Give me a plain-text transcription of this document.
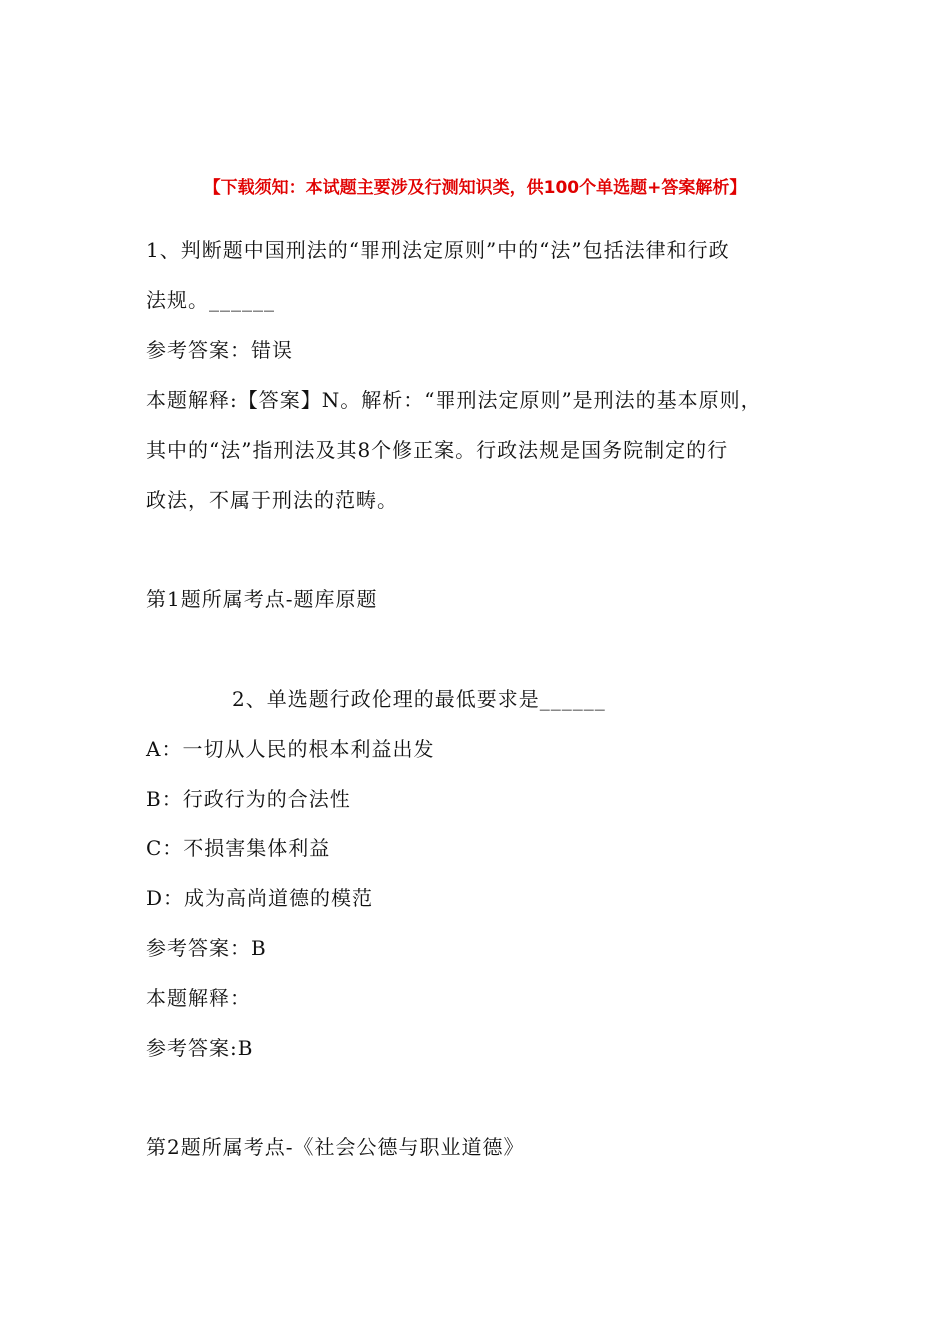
【下载须知：本试题主要涉及行测知识类，供100个单选题+答案解析】
1、判断题中国刑法的“罪刑法定原则”中的“法”包括法律和行政
法规。______
参考答案：错误
本题解释:【答案】N。解析：“罪刑法定原则”是刑法的基本原则，
其中的“法”指刑法及其8个修正案。行政法规是国务院制定的行
政法，不属于刑法的范畴。
第1题所属考点-题库原题
2、单选题行政伦理的最低要求是______
A：一切从人民的根本利益出发
B：行政行为的合法性
C：不损害集体利益
D：成为高尚道德的模范
参考答案：B
本题解释：
参考答案:B
第2题所属考点-《社会公德与职业道德》
